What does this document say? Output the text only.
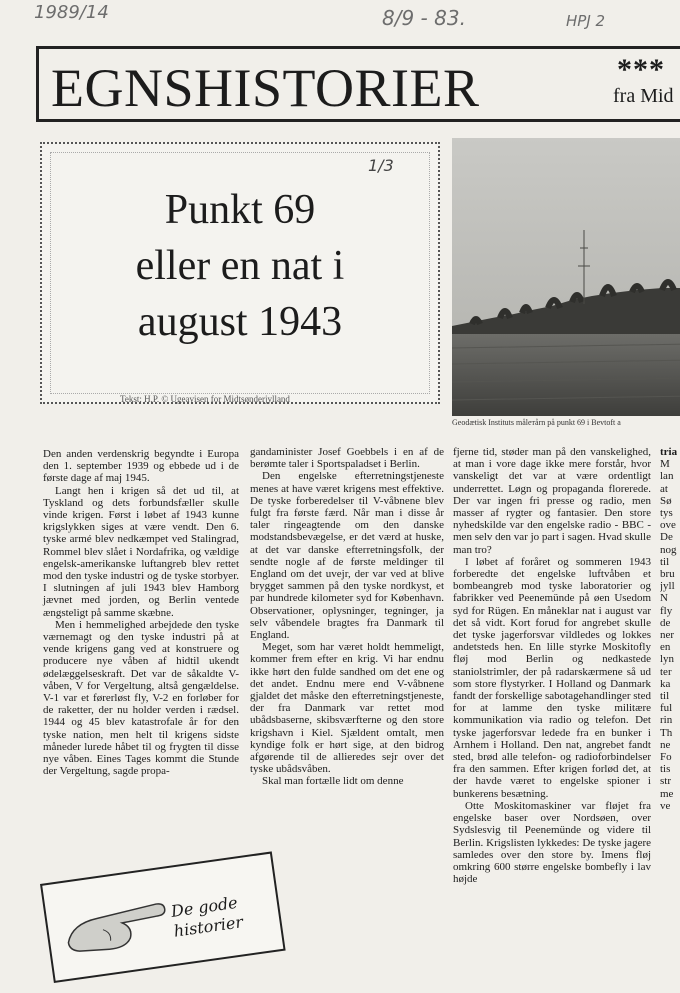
1989/14	8/9 - 83.	HPJ 2
EGNSHISTORIER	***
fra Mid
1/3
Punkt 69
eller en nat i
august 1943
Tekst: H.P. © Ugeavisen for Midtsønderjylland
Geodætisk Instituts målетårn på punkt 69 i Bevtoft a

Den anden verdenskrig begyndte i Europa den 1. september 1939 og ebbede ud i de første dage af maj 1945.

Langt hen i krigen så det ud til, at Tyskland og dets forbundsfæller skulle vinde krigen. Først i løbet af 1943 kunne krigslykken siges at være vendt. Den 6. tyske armé blev nedkæmpet ved Stalingrad, Rommel blev slået i Nordafrika, og vældige engelsk-amerikanske luftangreb blev rettet mod den tyske industri og de tyske storbyer. I slutningen af juli 1943 blev Hamborg jævnet med jorden, og Berlin ventede ængsteligt på samme skæbne.

Men i hemmelighed arbejdede den tyske værnemagt og den tyske industri på at vende krigens gang ved at konstruere og producere nye våben af hidtil ukendt ødelæggelseskraft. Det var de såkaldte V-våben, V for Vergeltung, altså gengældelse. V-1 var et førerløst fly, V-2 en forløber for de raketter, der nu holder verden i rædsel. 1944 og 45 blev katastrofale år for den tyske nation, men helt til krigens sidste måneder lurede håbet til og frygten til disse nye våben. Eines Tages kommt die Stunde der Vergeltung, sagde propa-

gandaminister Josef Goebbels i en af de berømte taler i Sportspaladset i Berlin.

Den engelske efterretningstjeneste menes at have været krigens mest effektive. De tyske forberedelser til V-våbnene blev fulgt fra første færd. Når man i disse år taler ringeagtende om den danske modstandsbevægelse, er det værd at huske, at det var danske efterretningsfolk, der sendte nogle af de første meldinger til England om det uvejr, der var ved at blive brygget sammen på den tyske nordkyst, et par hundrede kilometer syd for København. Observationer, oplysninger, tegninger, ja selv våbendele bragtes fra Danmark til England.

Meget, som har været holdt hemmeligt, kommer frem efter en krig. Vi har endnu ikke hørt den fulde sandhed om det ene og det andet. Endnu mere end V-våbnene gjaldet det måske den efterretningstjeneste, der fra Danmark var rettet mod ubådsbaserne, skibsværfterne og den store krigshavn i Kiel. Sjældent omtalt, men kyndige folk er hørt sige, at den bidrog afgørende til de allieredes sejr over det tyske ubådsvåben.

Skal man fortælle lidt om denne

fjerne tid, støder man på den vanskelighed, at man i vore dage ikke mere forstår, hvor vanskeligt det var at være ordentligt underrettet. Løgn og propaganda florerede. Der var ingen fri presse og radio, men masser af rygter og fantasier. Den store nyhedskilde var den engelske radio - BBC - men selv den var jo part i sagen. Hvad skulle man tro?

I løbet af foråret og sommeren 1943 forberedte det engelske luftvåben et bombeangreb mod tyske laboratorier og fabrikker ved Peenemünde på øen Usedom syd for Rügen. En måneklar nat i august var det så vidt. Kort forud for angrebet skulle det tyske jagerforsvar vildledes og lokkes andetsteds hen. En lille styrke Moskitofly fløj mod Berlin og nedkastede staniolstrimler, der på radarskærmene så ud som store flystyrker. I Holland og Danmark fandt der forskellige sabotagehandlinger sted for at lamme den tyske militære kommunikation via radio og telefon. Det tyske jagerforsvar ledede fra en bunker i Arnhem i Holland. Den nat, angrebet fandt sted, brød alle telefon- og radioforbindelser fra den sammen. Efter krigen forlød det, at der havde været to engelske spioner i bunkerens besætning.

Otte Moskitomaskiner var fløjet fra engelske baser over Nordsøen, over Sydslesvig til Peenemünde og videre til Berlin. Krigslisten lykkedes: De tyske jagere samledes over den store by. Imens fløj omkring 600 større engelske bombefly i lav højde

tria

M
lan
at
Sø
tys
ove
De
nog
til
bru
jyll
N
fly
de
ner
en
lyn
ter
ka
til
ful
rin
Th
ne
Fo
tis
str
me
ve
De gode
historier
